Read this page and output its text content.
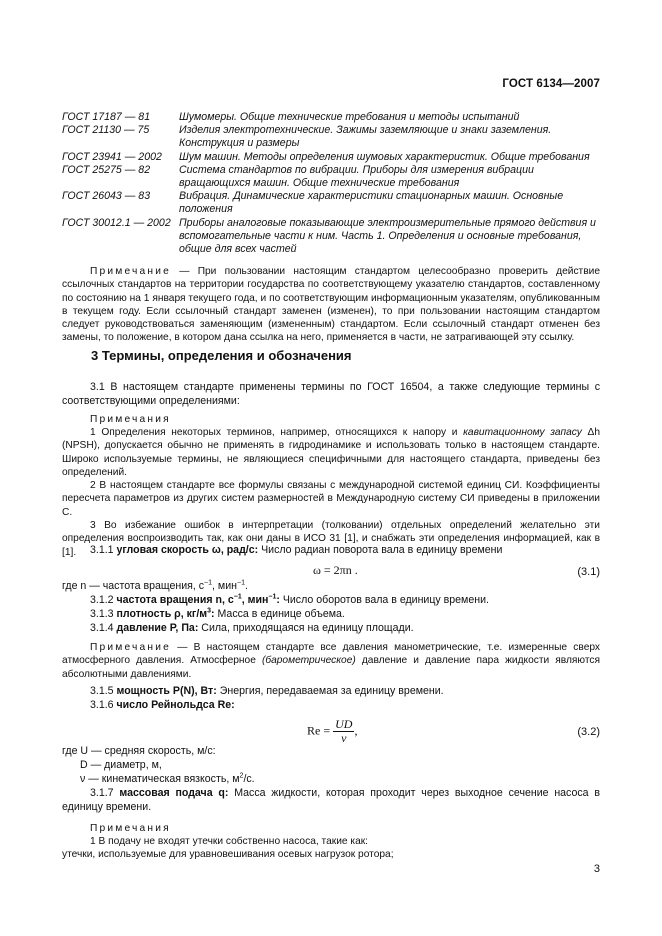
ГОСТ 6134—2007
ГОСТ 17187 — 81	Шумомеры. Общие технические требования и методы испытаний
ГОСТ 21130 — 75	Изделия электротехнические. Зажимы заземляющие и знаки заземления. Конструкция и размеры
ГОСТ 23941 — 2002	Шум машин. Методы определения шумовых характеристик. Общие требования
ГОСТ 25275 — 82	Система стандартов по вибрации. Приборы для измерения вибрации вращающихся машин. Общие технические требования
ГОСТ 26043 — 83	Вибрация. Динамические характеристики стационарных машин. Основные положения
ГОСТ 30012.1 — 2002 Приборы аналоговые показывающие электроизмерительные прямого действия и вспомогательные части к ним. Часть 1. Определения и основные требования, общие для всех частей
Примечание — При пользовании настоящим стандартом целесообразно проверить действие ссылочных стандартов на территории государства по соответствующему указателю стандартов, составленному по состоянию на 1 января текущего года, и по соответствующим информационным указателям, опубликованным в текущем году. Если ссылочный стандарт заменен (изменен), то при пользовании настоящим стандартом следует руководствоваться заменяющим (измененным) стандартом. Если ссылочный стандарт отменен без замены, то положение, в котором дана ссылка на него, применяется в части, не затрагивающей эту ссылку.
3 Термины, определения и обозначения
3.1 В настоящем стандарте применены термины по ГОСТ 16504, а также следующие термины с соответствующими определениями:
Примечания
1 Определения некоторых терминов, например, относящихся к напору и кавитационному запасу Δh (NPSH), допускается обычно не применять в гидродинамике и использовать только в настоящем стандарте. Широко используемые термины, не являющиеся специфичными для настоящего стандарта, приведены без определений.
2 В настоящем стандарте все формулы связаны с международной системой единиц СИ. Коэффициенты пересчета параметров из других систем размерностей в Международную систему СИ приведены в приложении С.
3 Во избежание ошибок в интерпретации (толковании) отдельных определений желательно эти определения воспроизводить так, как они даны в ИСО 31 [1], и снабжать эти определения информацией, как в [1].	3.1.1 угловая скорость ω, рад/с: Число радиан поворота вала в единицу времени
ω = 2πn .	(3.1)
где n — частота вращения, $с^{-1}$, мин$^{-1}$.
3.1.2 частота вращения n, $с^{-1}$, мин$^{-1}$: Число оборотов вала в единицу времени.
3.1.3 плотность ρ, $кг/м^3$: Масса в единице объема.
3.1.4 давление P, Па: Сила, приходящаяся на единицу площади.
Примечание — В настоящем стандарте все давления манометрические, т.е. измеренные сверх атмосферного давления. Атмосферное (барометрическое) давление и давление пара жидкости являются абсолютными давлениями.
3.1.5 мощность P(N), Вт: Энергия, передаваемая за единицу времени.
3.1.6 число Рейнольдса Re:
$Re = \frac{UD}{\nu}$ ,	(3.2)
где U — средняя скорость, м/с:
D — диаметр, м,
ν — кинематическая вязкость, $м^2/с$.
3.1.7 массовая подача q: Масса жидкости, которая проходит через выходное сечение насоса в единицу времени.
Примечания
1 В подачу не входят утечки собственно насоса, такие как:
утечки, используемые для уравновешивания осевых нагрузок ротора;
3
